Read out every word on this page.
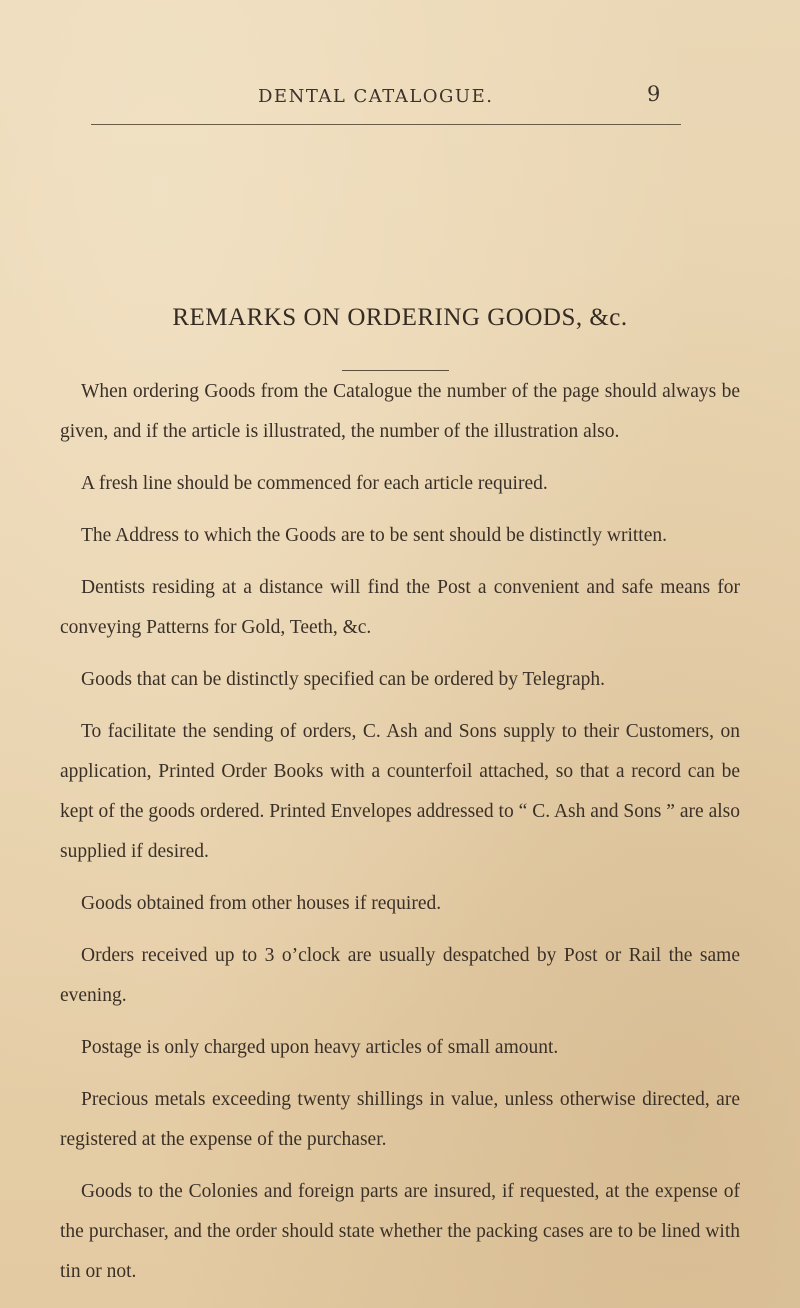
DENTAL CATALOGUE.	9
REMARKS ON ORDERING GOODS, &c.

When ordering Goods from the Catalogue the number of the page should always be given, and if the article is illustrated, the number of the illustration also.

A fresh line should be commenced for each article required.

The Address to which the Goods are to be sent should be distinctly written.

Dentists residing at a distance will find the Post a convenient and safe means for conveying Patterns for Gold, Teeth, &c.

Goods that can be distinctly specified can be ordered by Telegraph.

To facilitate the sending of orders, C. Ash and Sons supply to their Customers, on application, Printed Order Books with a counterfoil attached, so that a record can be kept of the goods ordered. Printed Envelopes addressed to “ C. Ash and Sons ” are also supplied if desired.

Goods obtained from other houses if required.

Orders received up to 3 o’clock are usually despatched by Post or Rail the same evening.

Postage is only charged upon heavy articles of small amount.

Precious metals exceeding twenty shillings in value, unless otherwise directed, are registered at the expense of the purchaser.

Goods to the Colonies and foreign parts are insured, if requested, at the expense of the purchaser, and the order should state whether the packing cases are to be lined with tin or not.
